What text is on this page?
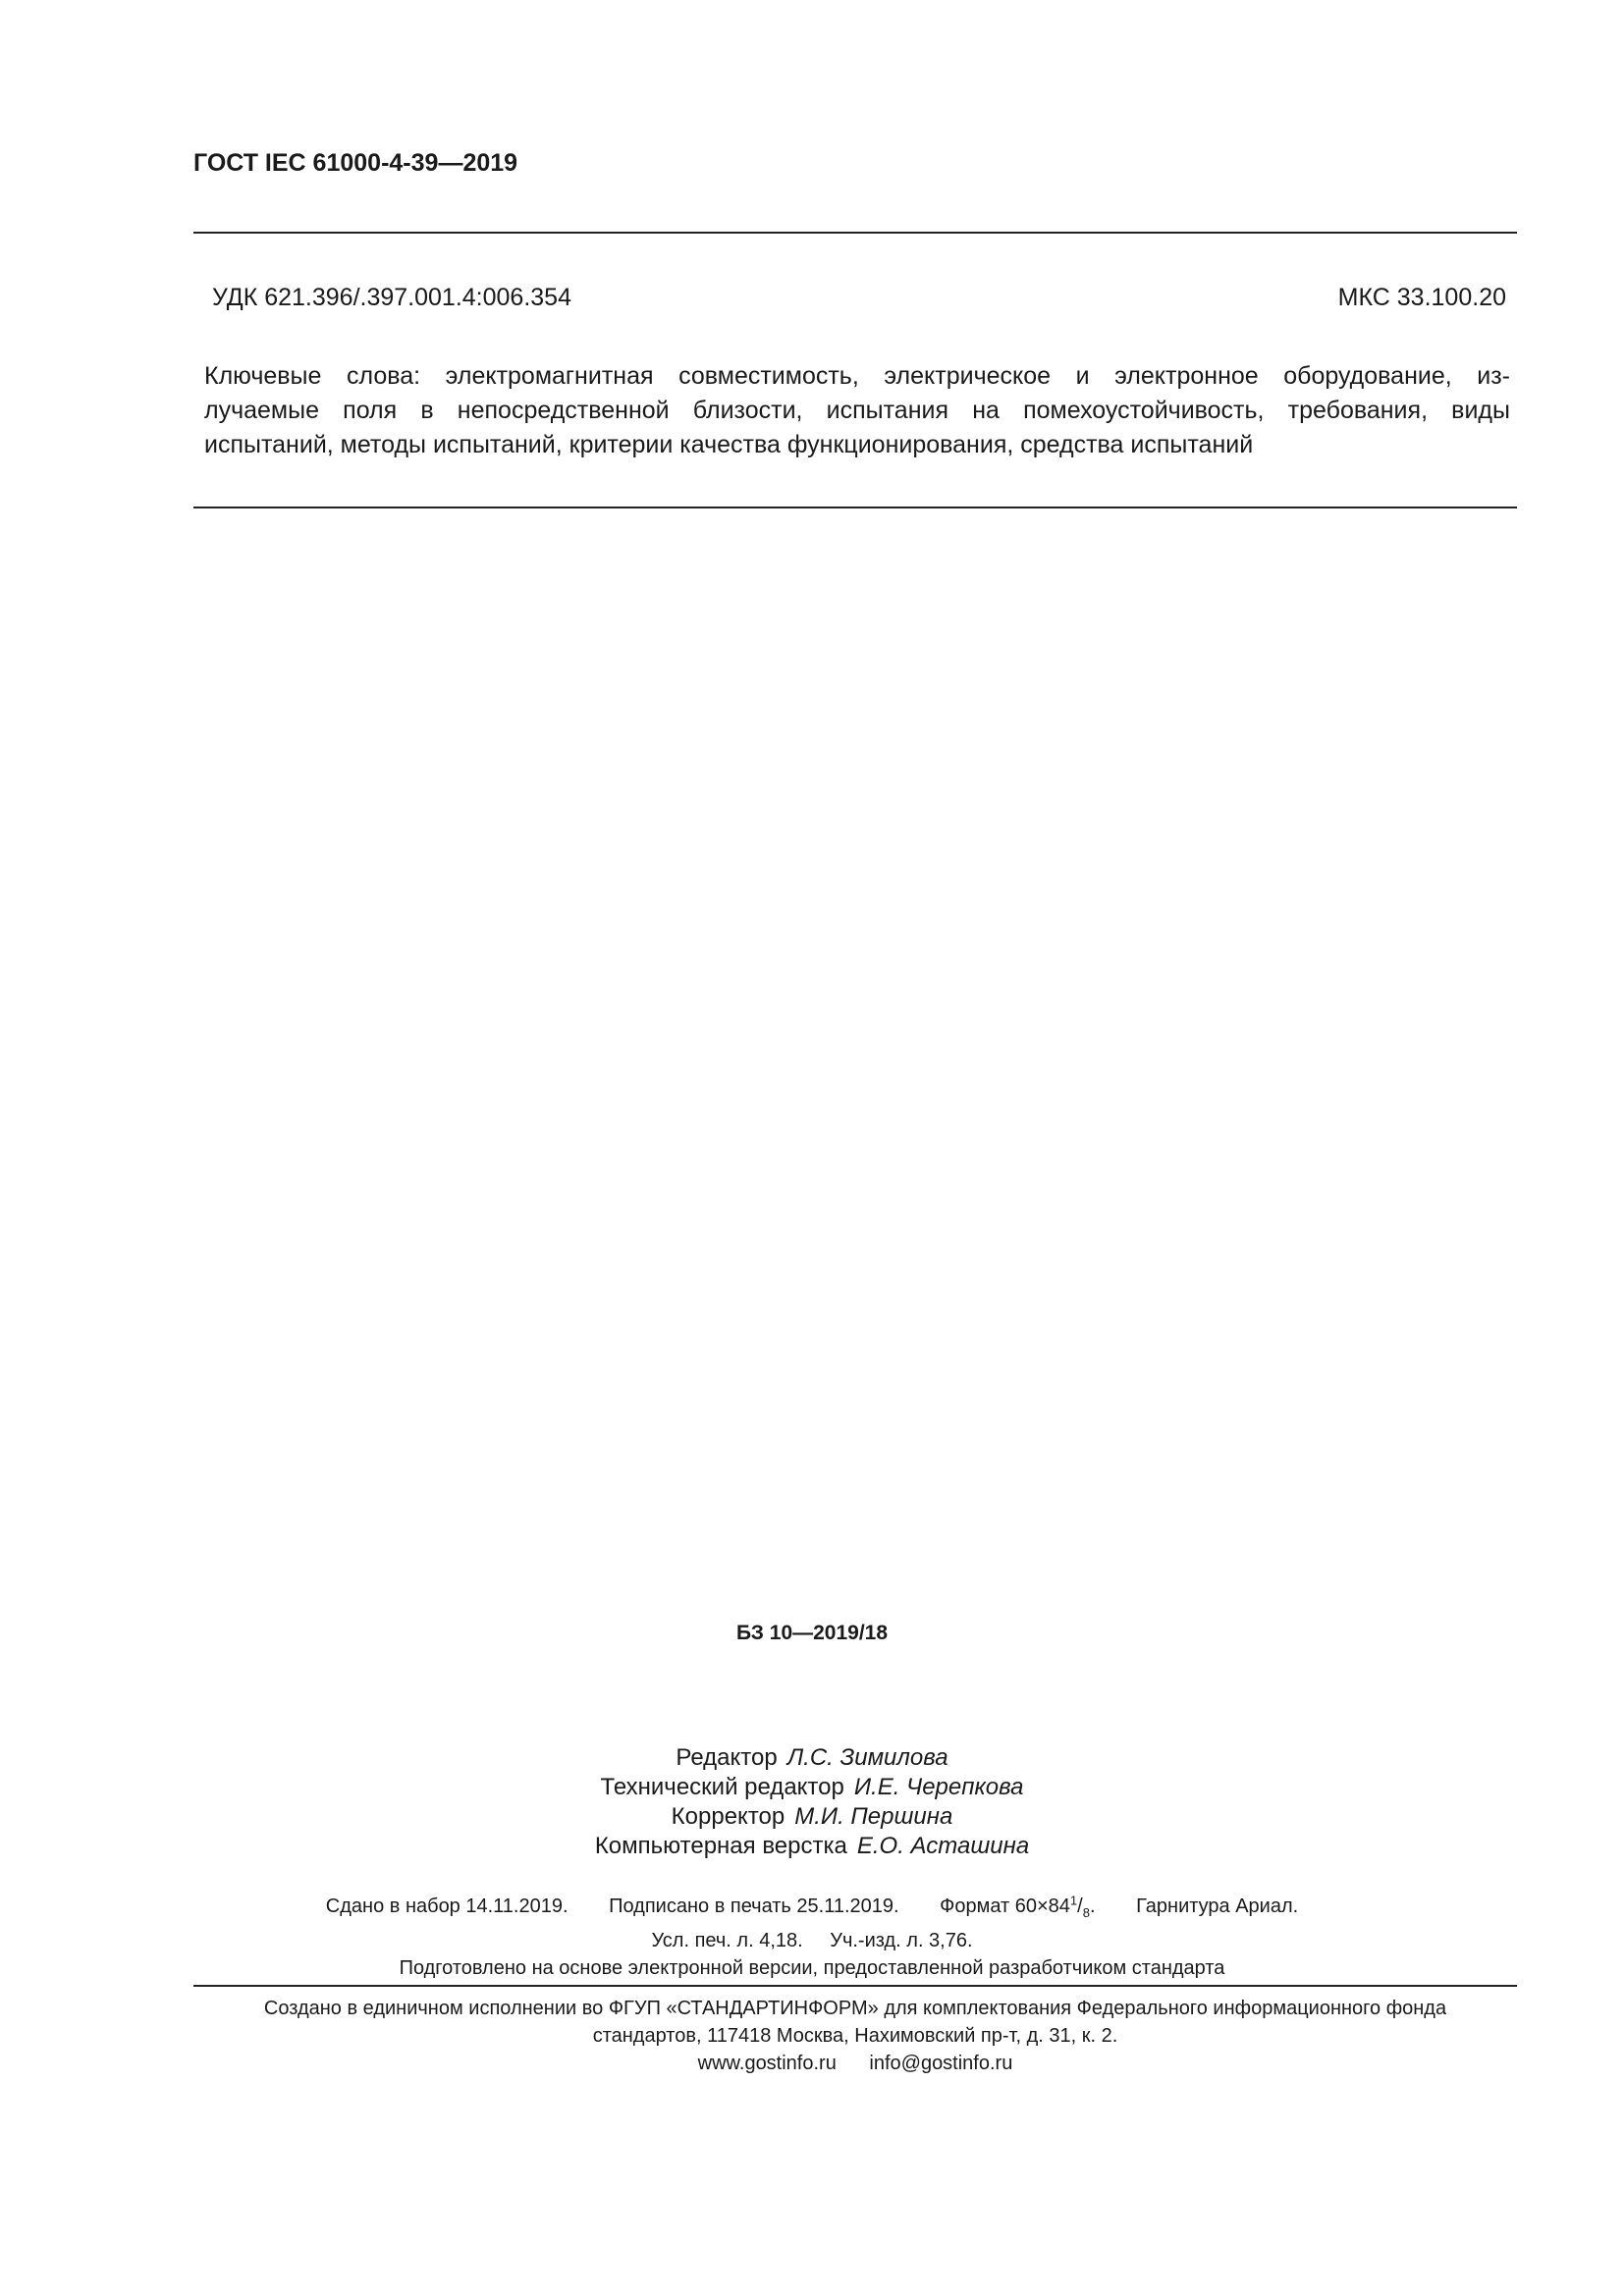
ГОСТ IEC 61000-4-39—2019
УДК 621.396/.397.001.4:006.354	МКС 33.100.20
Ключевые слова: электромагнитная совместимость, электрическое и электронное оборудование, из-
лучаемые поля в непосредственной близости, испытания на помехоустойчивость, требования, виды
испытаний, методы испытаний, критерии качества функционирования, средства испытаний
БЗ 10—2019/18
Редактор Л.С. Зимилова
Технический редактор И.Е. Черепкова
Корректор М.И. Першина
Компьютерная верстка Е.О. Асташина
Сдано в набор 14.11.2019. Подписано в печать 25.11.2019. Формат $60\times 84^1/_8$. Гарнитура Ариал.
Усл. печ. л. 4,18. Уч.-изд. л. 3,76.
Подготовлено на основе электронной версии, предоставленной разработчиком стандарта
Создано в единичном исполнении во ФГУП «СТАНДАРТИНФОРМ» для комплектования Федерального информационного фонда
стандартов, 117418 Москва, Нахимовский пр-т, д. 31, к. 2.
www.gostinfo.ru info@gostinfo.ru
